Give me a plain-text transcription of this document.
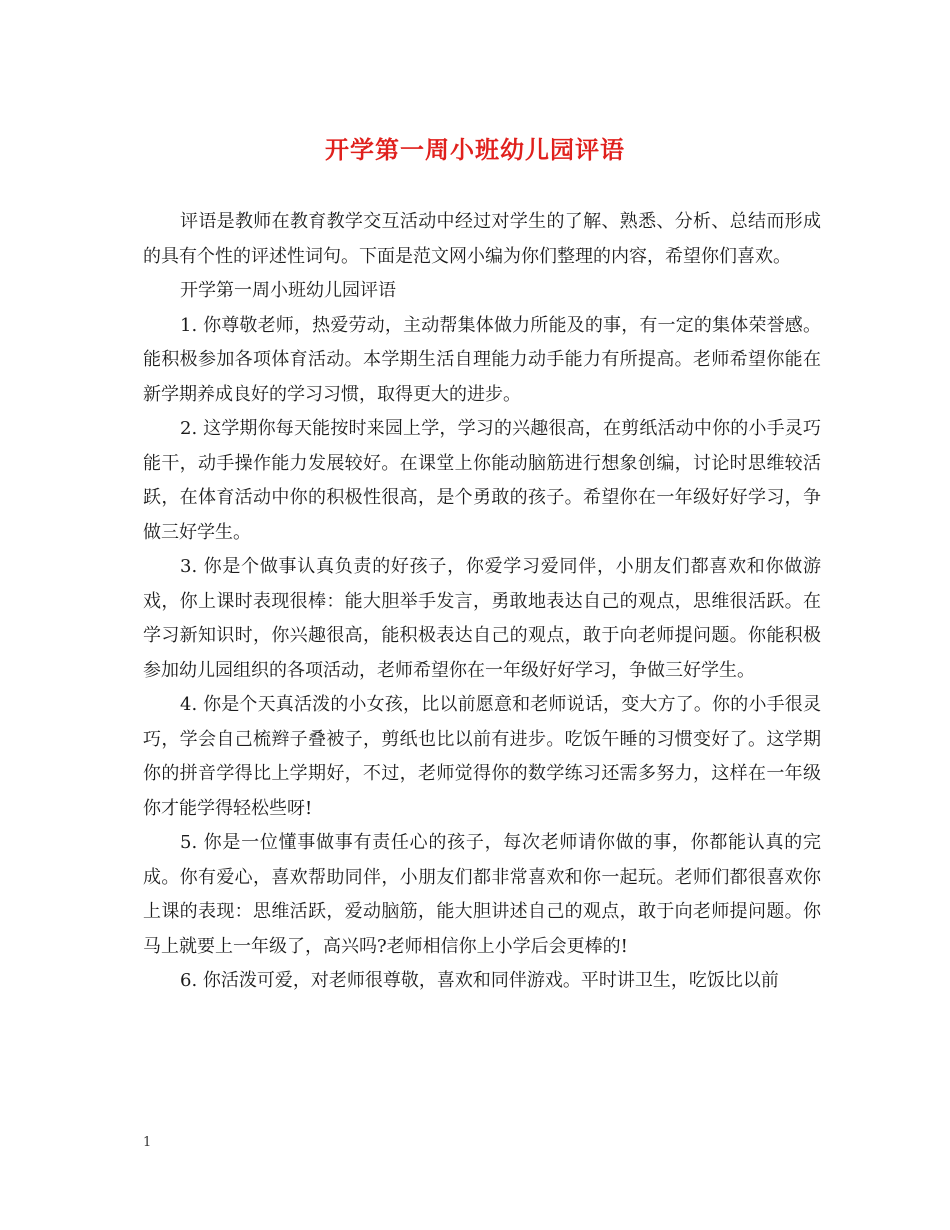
开学第一周小班幼儿园评语

评语是教师在教育教学交互活动中经过对学生的了解、熟悉、分析、总结而形成的具有个性的评述性词句。下面是范文网小编为你们整理的内容，希望你们喜欢。

开学第一周小班幼儿园评语

1. 你尊敬老师，热爱劳动，主动帮集体做力所能及的事，有一定的集体荣誉感。能积极参加各项体育活动。本学期生活自理能力动手能力有所提高。老师希望你能在新学期养成良好的学习习惯，取得更大的进步。

2. 这学期你每天能按时来园上学，学习的兴趣很高，在剪纸活动中你的小手灵巧能干，动手操作能力发展较好。在课堂上你能动脑筋进行想象创编，讨论时思维较活跃，在体育活动中你的积极性很高，是个勇敢的孩子。希望你在一年级好好学习，争做三好学生。

3. 你是个做事认真负责的好孩子，你爱学习爱同伴，小朋友们都喜欢和你做游戏，你上课时表现很棒：能大胆举手发言，勇敢地表达自己的观点，思维很活跃。在学习新知识时，你兴趣很高，能积极表达自己的观点，敢于向老师提问题。你能积极参加幼儿园组织的各项活动，老师希望你在一年级好好学习，争做三好学生。

4. 你是个天真活泼的小女孩，比以前愿意和老师说话，变大方了。你的小手很灵巧，学会自己梳辫子叠被子，剪纸也比以前有进步。吃饭午睡的习惯变好了。这学期你的拼音学得比上学期好，不过，老师觉得你的数学练习还需多努力，这样在一年级你才能学得轻松些呀!

5. 你是一位懂事做事有责任心的孩子，每次老师请你做的事，你都能认真的完成。你有爱心，喜欢帮助同伴，小朋友们都非常喜欢和你一起玩。老师们都很喜欢你上课的表现：思维活跃，爱动脑筋，能大胆讲述自己的观点，敢于向老师提问题。你马上就要上一年级了，高兴吗?老师相信你上小学后会更棒的!

6. 你活泼可爱，对老师很尊敬，喜欢和同伴游戏。平时讲卫生，吃饭比以前

1
